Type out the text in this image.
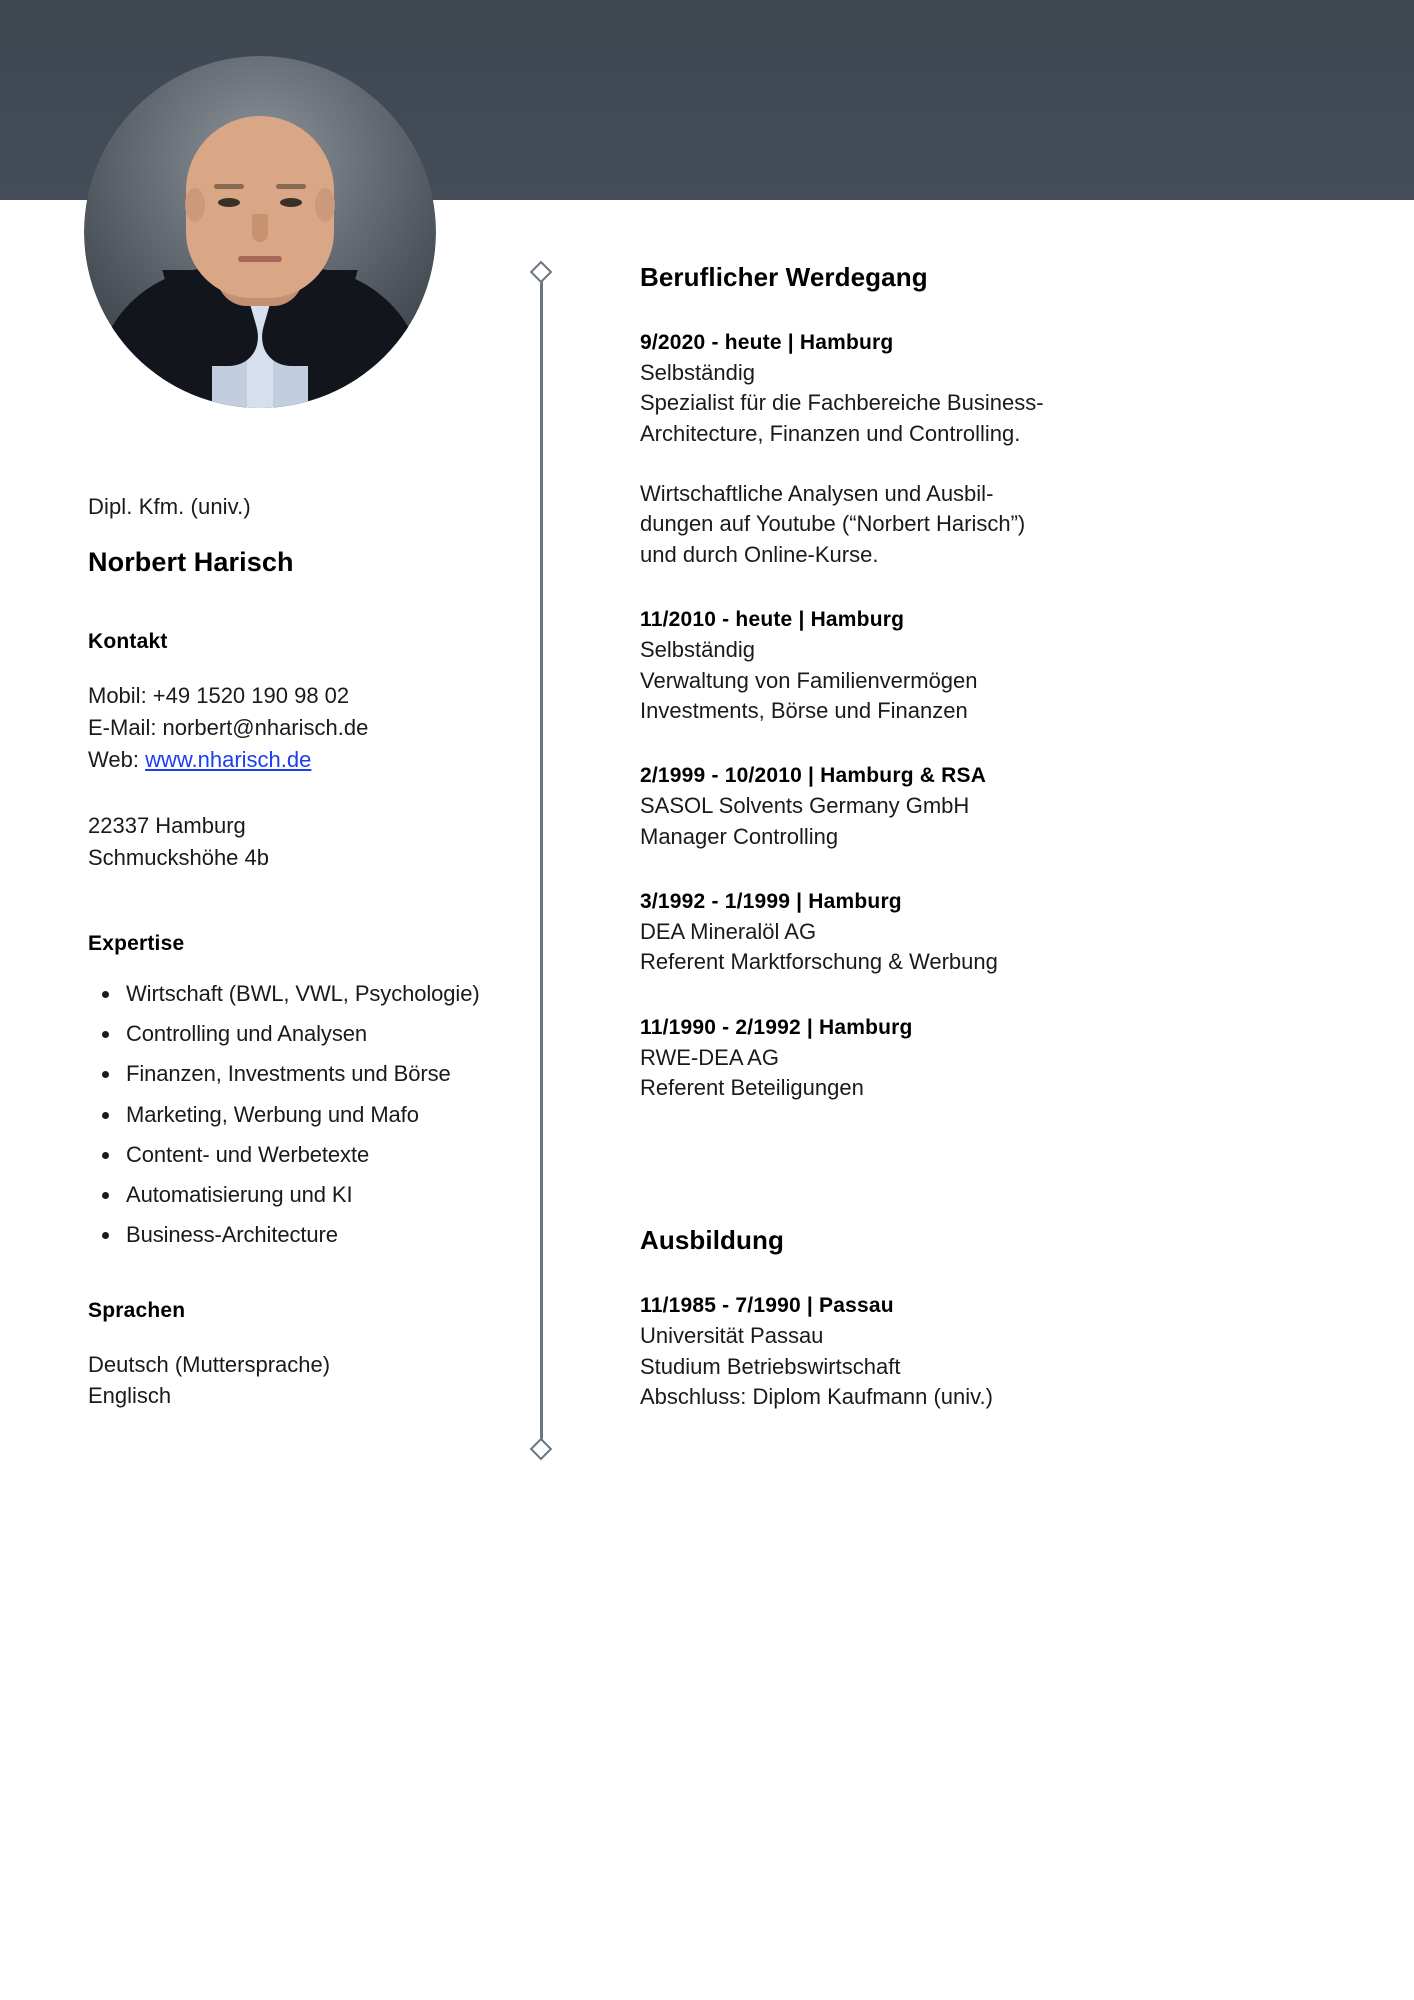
Dipl. Kfm. (univ.)
Norbert Harisch
Kontakt
Mobil: +49 1520 190 98 02
E-Mail: norbert@nharisch.de
Web: www.nharisch.de
22337 Hamburg
Schmuckshöhe 4b
Expertise
Wirtschaft (BWL, VWL, Psychologie)
Controlling und Analysen
Finanzen, Investments und Börse
Marketing, Werbung und Mafo
Content- und Werbetexte
Automatisierung und KI
Business-Architecture
Sprachen
Deutsch (Muttersprache)
Englisch
Beruflicher Werdegang
9/2020 - heute | Hamburg
Selbständig
Spezialist für die Fachbereiche Business-
Architecture, Finanzen und Controlling.
Wirtschaftliche Analysen und Ausbil-
dungen auf Youtube (“Norbert Harisch”)
und durch Online-Kurse.
11/2010 - heute | Hamburg
Selbständig
Verwaltung von Familienvermögen
Investments, Börse und Finanzen
2/1999 - 10/2010 | Hamburg & RSA
SASOL Solvents Germany GmbH
Manager Controlling
3/1992 - 1/1999 | Hamburg
DEA Mineralöl AG
Referent Marktforschung & Werbung
11/1990 - 2/1992 | Hamburg
RWE-DEA AG
Referent Beteiligungen
Ausbildung
11/1985 - 7/1990 | Passau
Universität Passau
Studium Betriebswirtschaft
Abschluss: Diplom Kaufmann (univ.)
